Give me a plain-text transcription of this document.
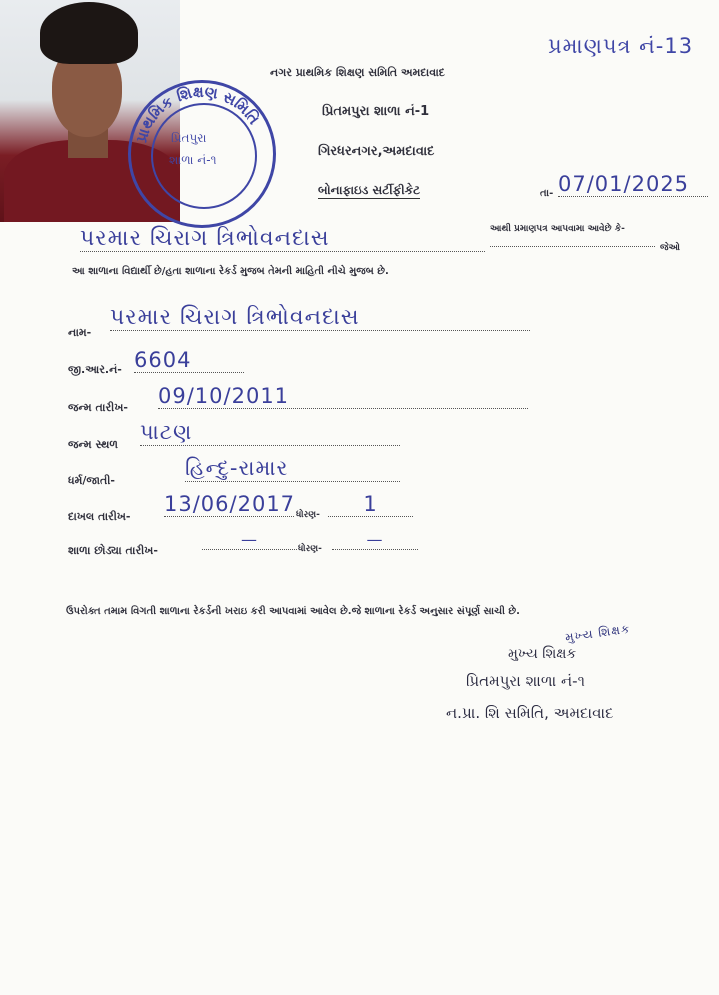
પ્રાથમિક શિક્ષણ સમિતિ
પ્રિતપુરા
શાળા નં-૧
નગર પ્રાથમિક શિક્ષણ સમિતિ અમદાવાદ
પ્રિતમપુરા શાળા નં-1
ગિરધરનગર,અમદાવાદ
બોનાફાઇડ સર્ટીફીકેટ	તા- 07/01/2025
પ્રમાણપત્ર નં-13
પરમાર ચિરાગ ત્રિભોવનદાસ	આથી પ્રમાણપત્ર આપવામા આવેછે કે-
જેઓ
આ શાળાના વિદ્યાર્થી છે/હતા શાળાના રેકર્ડ મુજબ તેમની માહિતી નીચે મુજબ છે.
નામ-
પરમાર ચિરાગ ત્રિભોવનદાસ
જી.આર.નં- 6604
જન્મ તારીખ- 09/10/2011
જન્મ સ્થળ
પાટણ
ધર્મ/જાતી-
હિન્દુ-રામાર
દાખલ તારીખ-
13/06/2017 ધોરણ-	1
શાળા છોડ્યા તારીખ-
—	ધોરણ-	—
ઉપરોક્ત તમામ વિગતી શાળાના રેકર્ડની ખરાઇ કરી આપવામાં આવેલ છે.જે શાળાના રેકર્ડ અનુસાર સંપૂર્ણ સાચી છે.
મુખ્ય શિક્ષક
મુખ્ય શિક્ષક
પ્રિતમપુરા શાળા નં-૧
ન.પ્રા. શિ સમિતિ, અમદાવાદ
